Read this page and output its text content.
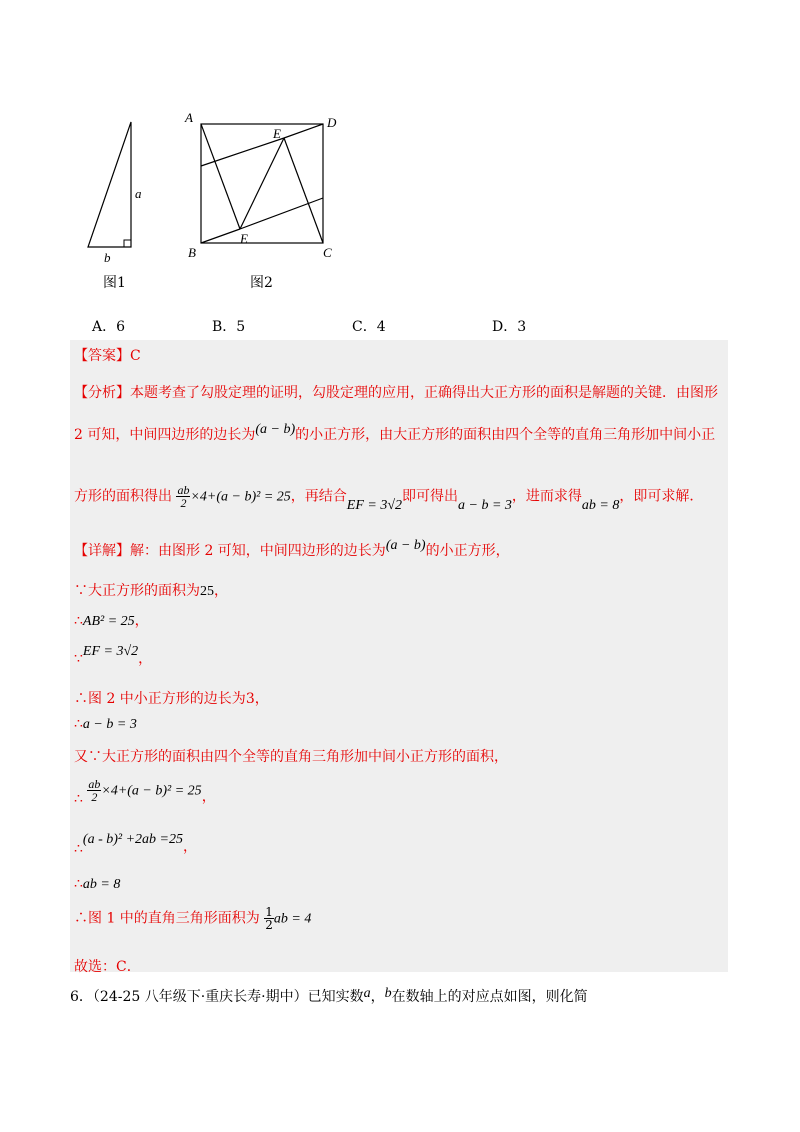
a
b
图1
A	D
E
E
B	C
图2
A．6	B．5	C．4	D．3
【答案】C
【分析】本题考查了勾股定理的证明，勾股定理的应用，正确得出大正方形的面积是解题的关键．由图形
2 可知，中间四边形的边长为(a − b)的小正方形，由大正方形的面积由四个全等的直角三角形加中间小正
方形的面积得出 $\frac{ab}{2} \times 4+(a - b)^2 = 25$，再结合EF = 3√2即可得出a − b = 3，进而求得ab = 8，即可求解．
【详解】解：由图形 2 可知，中间四边形的边长为(a − b)的小正方形，
∵大正方形的面积为25，
∴AB² = 25，
∵EF = 3√2，
∴图 2 中小正方形的边长为3，
∴a − b = 3
又∵大正方形的面积由四个全等的直角三角形加中间小正方形的面积，
∴ $\frac{ab}{2} \times 4+(a - b)^2 = 25$，
∴(a - b)² +2ab =25，
∴ab = 8
∴图 1 中的直角三角形面积为 $\frac{1}{2}$ ab = 4
故选：C．
6．（24-25 八年级下·重庆长寿·期中）已知实数a，b在数轴上的对应点如图，则化简
